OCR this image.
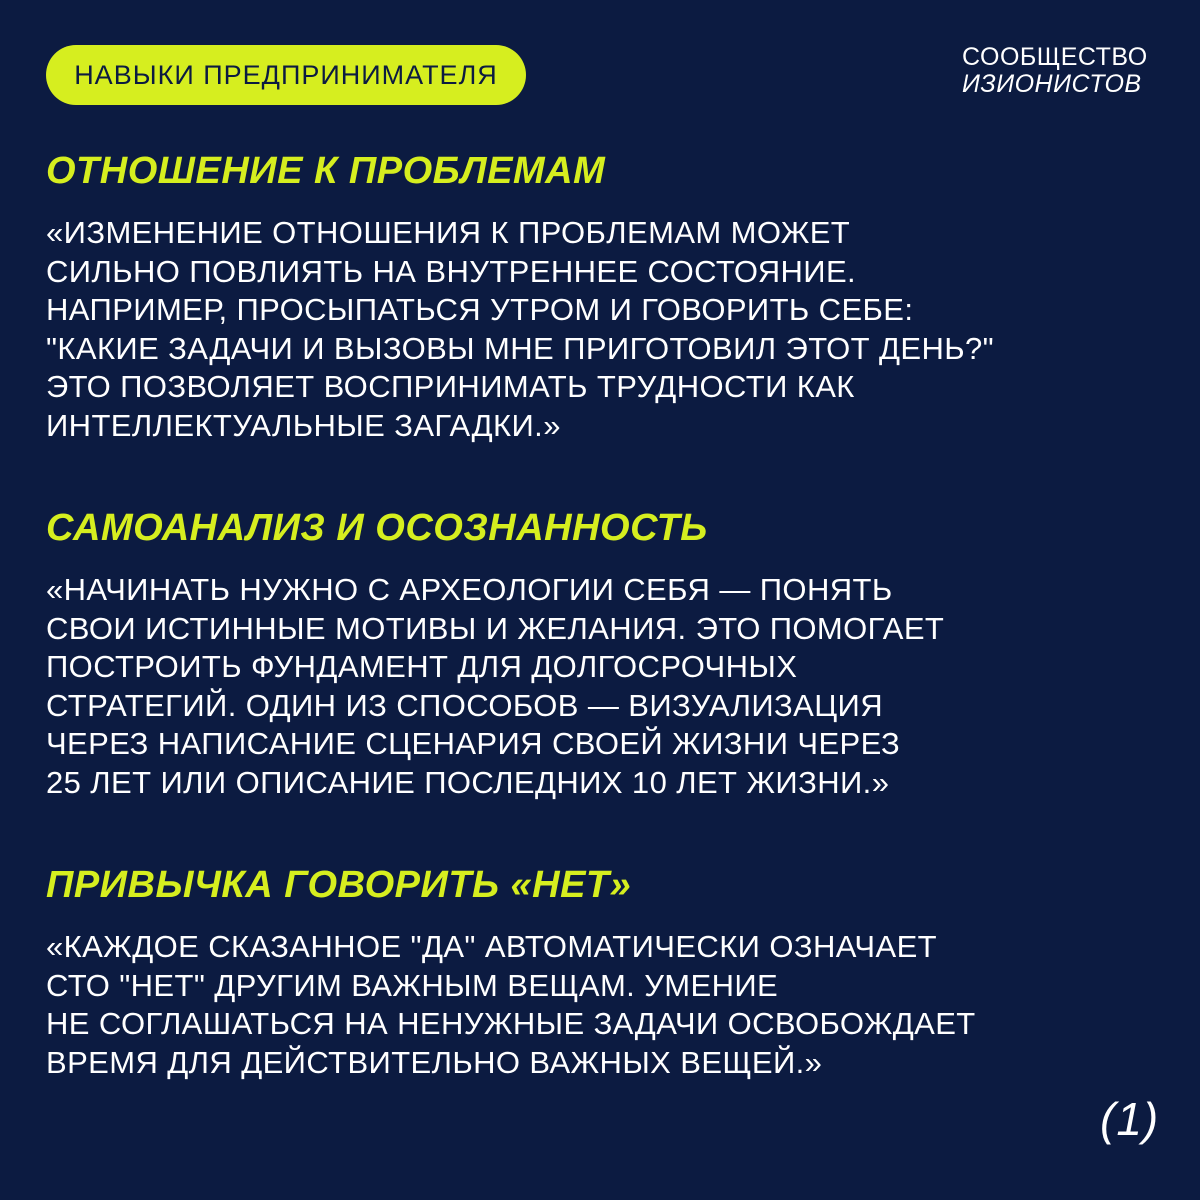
НАВЫКИ ПРЕДПРИНИМАТЕЛЯ
СООБЩЕСТВО
ИЗИОНИСТОВ
ОТНОШЕНИЕ К ПРОБЛЕМАМ

«ИЗМЕНЕНИЕ ОТНОШЕНИЯ К ПРОБЛЕМАМ МОЖЕТ
СИЛЬНО ПОВЛИЯТЬ НА ВНУТРЕННЕЕ СОСТОЯНИЕ.
НАПРИМЕР, ПРОСЫПАТЬСЯ УТРОМ И ГОВОРИТЬ СЕБЕ:
"КАКИЕ ЗАДАЧИ И ВЫЗОВЫ МНЕ ПРИГОТОВИЛ ЭТОТ ДЕНЬ?"
ЭТО ПОЗВОЛЯЕТ ВОСПРИНИМАТЬ ТРУДНОСТИ КАК
ИНТЕЛЛЕКТУАЛЬНЫЕ ЗАГАДКИ.»

САМОАНАЛИЗ И ОСОЗНАННОСТЬ

«НАЧИНАТЬ НУЖНО С АРХЕОЛОГИИ СЕБЯ — ПОНЯТЬ
СВОИ ИСТИННЫЕ МОТИВЫ И ЖЕЛАНИЯ. ЭТО ПОМОГАЕТ
ПОСТРОИТЬ ФУНДАМЕНТ ДЛЯ ДОЛГОСРОЧНЫХ
СТРАТЕГИЙ. ОДИН ИЗ СПОСОБОВ — ВИЗУАЛИЗАЦИЯ
ЧЕРЕЗ НАПИСАНИЕ СЦЕНАРИЯ СВОЕЙ ЖИЗНИ ЧЕРЕЗ
25 ЛЕТ ИЛИ ОПИСАНИЕ ПОСЛЕДНИХ 10 ЛЕТ ЖИЗНИ.»

ПРИВЫЧКА ГОВОРИТЬ «НЕТ»

«КАЖДОЕ СКАЗАННОЕ "ДА" АВТОМАТИЧЕСКИ ОЗНАЧАЕТ
СТО "НЕТ" ДРУГИМ ВАЖНЫМ ВЕЩАМ. УМЕНИЕ
НЕ СОГЛАШАТЬСЯ НА НЕНУЖНЫЕ ЗАДАЧИ ОСВОБОЖДАЕТ
ВРЕМЯ ДЛЯ ДЕЙСТВИТЕЛЬНО ВАЖНЫХ ВЕЩЕЙ.»

(1)
